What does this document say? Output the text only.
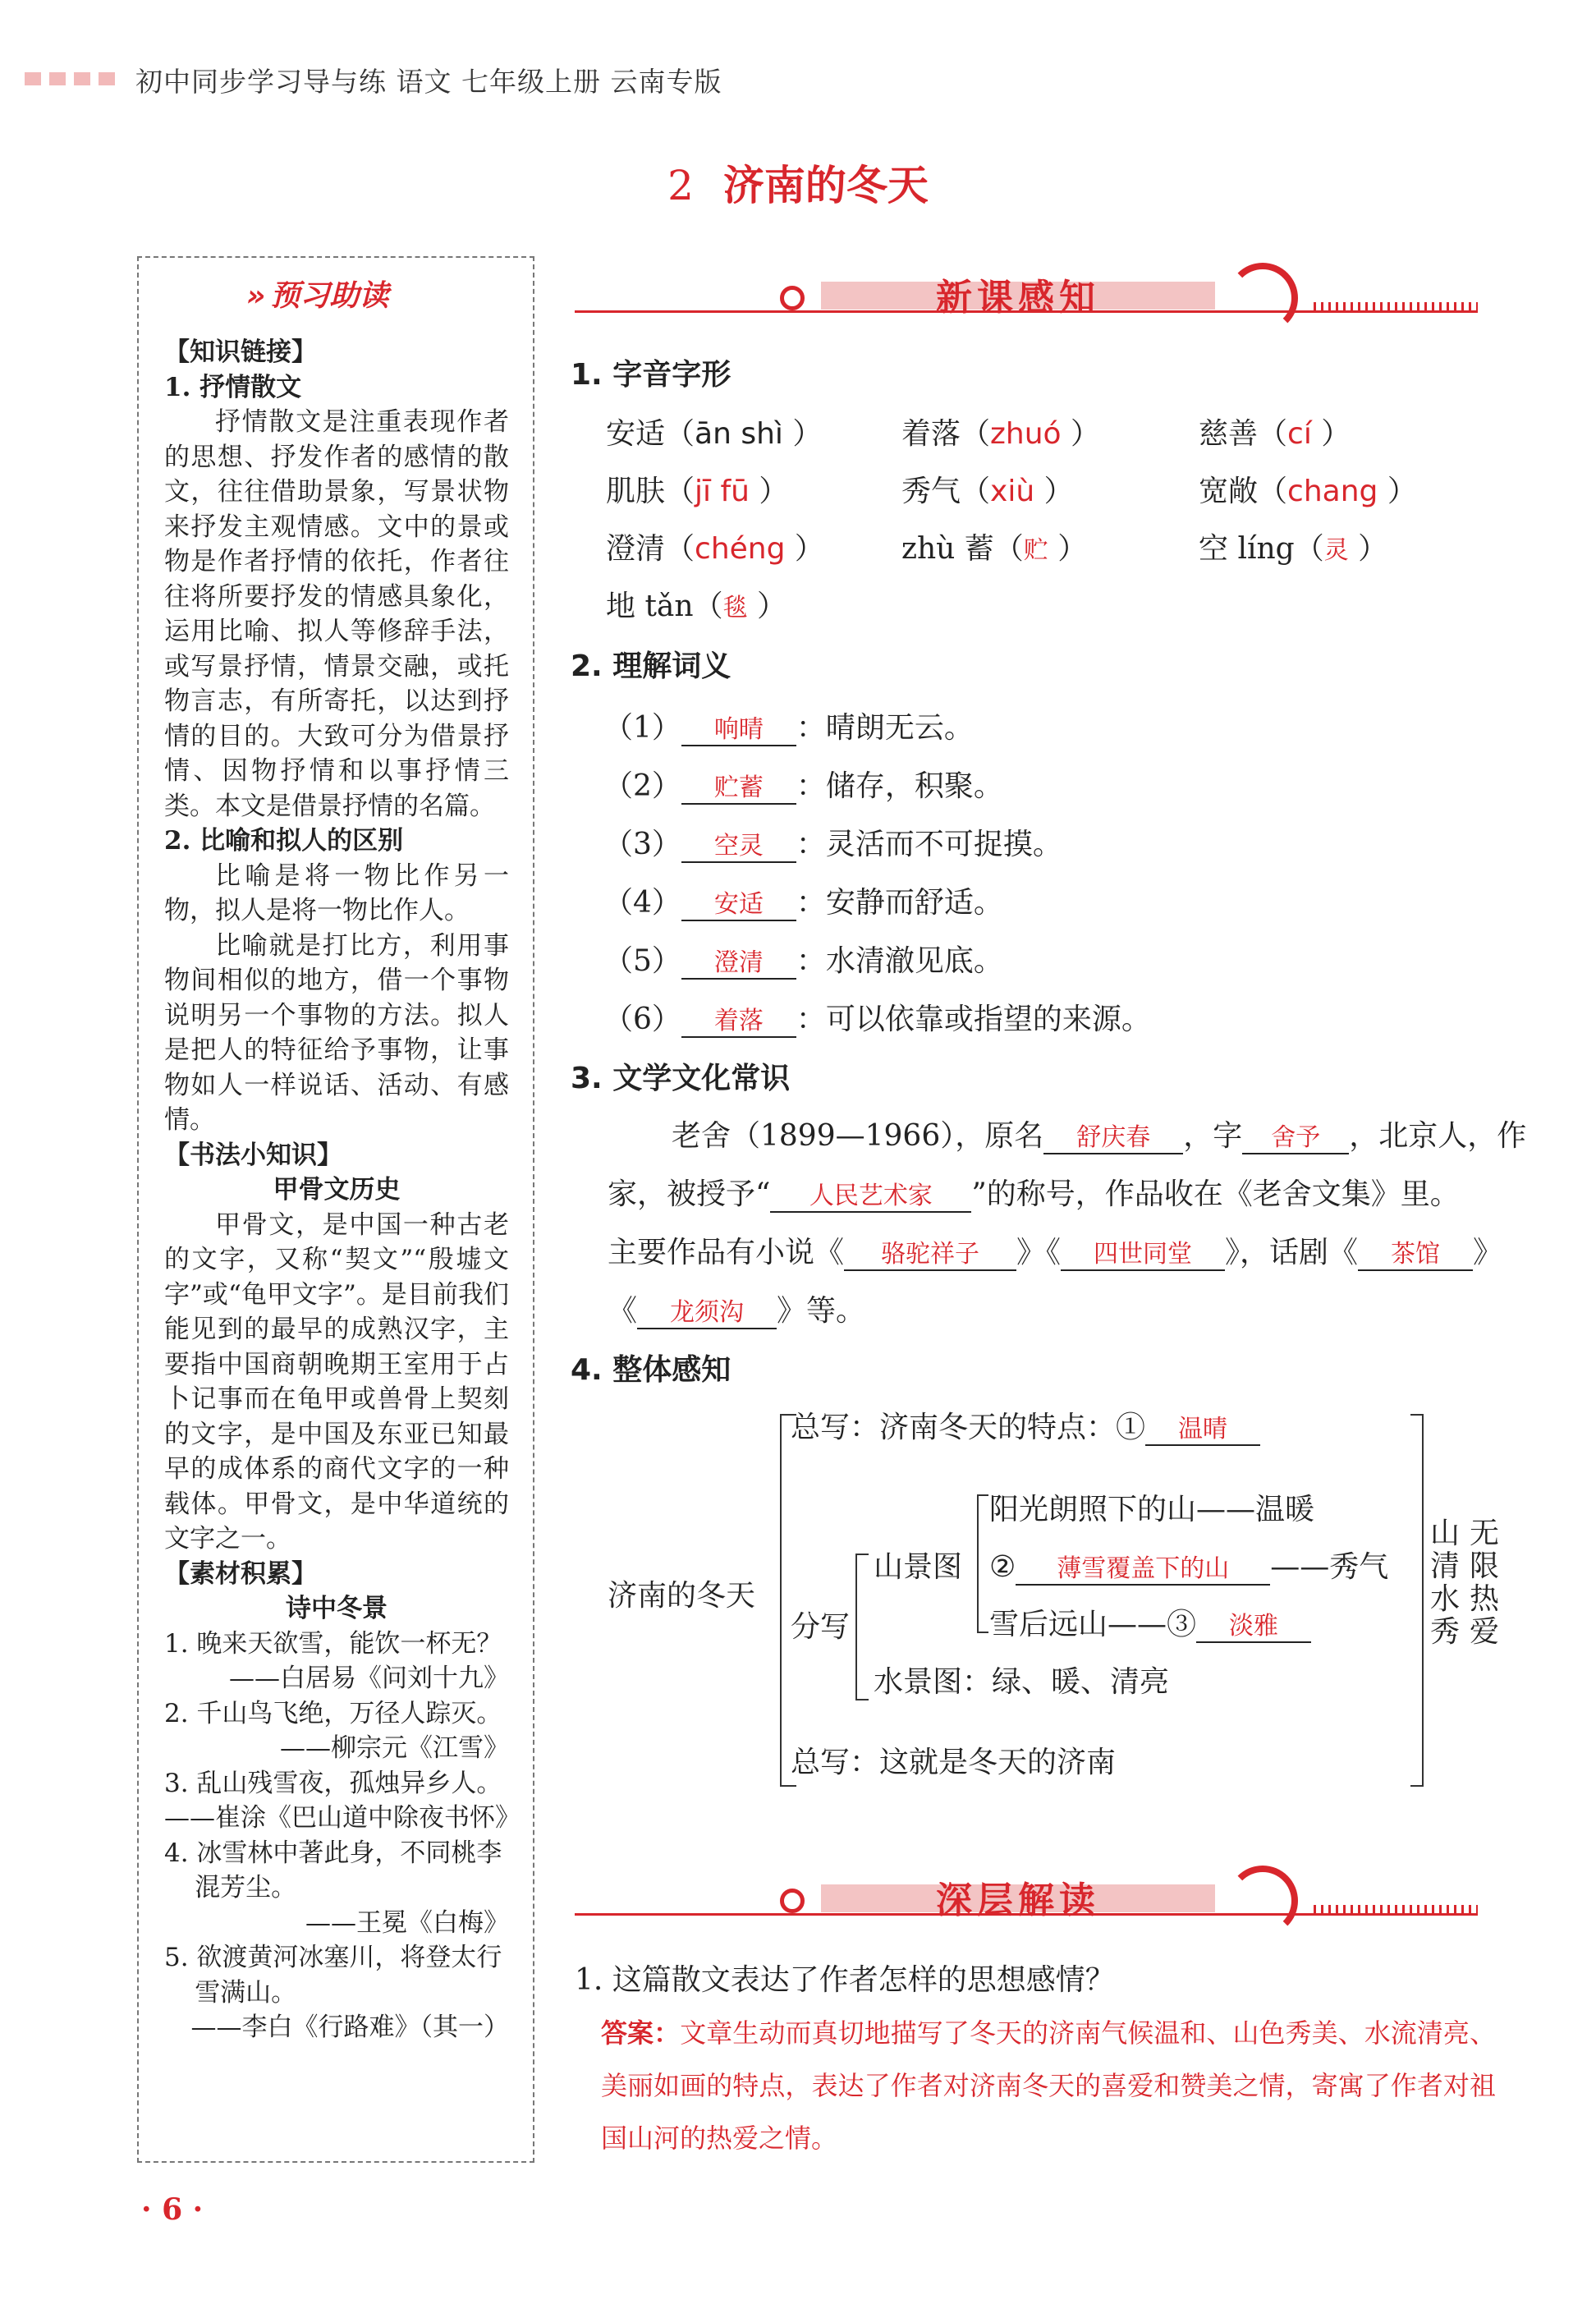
初中同步学习导与练 语文 七年级上册 云南专版
2 济南的冬天
» 预习助读
【知识链接】
1. 抒情散文
抒情散文是注重表现作者的思想、抒发作者的感情的散文，往往借助景象，写景状物来抒发主观情感。文中的景或物是作者抒情的依托，作者往往将所要抒发的情感具象化，运用比喻、拟人等修辞手法，或写景抒情，情景交融，或托物言志，有所寄托，以达到抒情的目的。大致可分为借景抒情、因物抒情和以事抒情三类。本文是借景抒情的名篇。
2. 比喻和拟人的区别
比喻是将一物比作另一物，拟人是将一物比作人。
比喻就是打比方，利用事物间相似的地方，借一个事物说明另一个事物的方法。拟人是把人的特征给予事物，让事物如人一样说话、活动、有感情。
【书法小知识】
甲骨文历史
甲骨文，是中国一种古老的文字，又称“契文”“殷墟文字”或“龟甲文字”。是目前我们能见到的最早的成熟汉字，主要指中国商朝晚期王室用于占卜记事而在龟甲或兽骨上契刻的文字，是中国及东亚已知最早的成体系的商代文字的一种载体。甲骨文，是中华道统的文字之一。
【素材积累】
诗中冬景
1. 晚来天欲雪，能饮一杯无？
——白居易《问刘十九》
2. 千山鸟飞绝，万径人踪灭。
——柳宗元《江雪》
3. 乱山残雪夜，孤烛异乡人。
——崔涂《巴山道中除夜书怀》
4. 冰雪林中著此身，不同桃李混芳尘。
——王冕《白梅》
5. 欲渡黄河冰塞川，将登太行雪满山。
——李白《行路难》（其一）
新课感知
1. 字音字形
安适（ān shì ）	着落（zhuó ）	慈善（cí ）
肌肤（jī fū ）	秀气（xiù ）	宽敞（chang ）
澄清（chéng ）	zhù 蓄（贮 ）	空 líng（灵 ）
地 tǎn（毯 ）
2. 理解词义
（1） 响晴 ：晴朗无云。
（2） 贮蓄 ：储存，积聚。
（3） 空灵 ：灵活而不可捉摸。
（4） 安适 ：安静而舒适。
（5） 澄清 ：水清澈见底。
（6） 着落 ：可以依靠或指望的来源。
3. 文学文化常识
老舍（1899—1966），原名 舒庆春 ，字 舍予 ，北京人，作
家，被授予“ 人民艺术家 ”的称号，作品收在《老舍文集》里。
主要作品有小说《 骆驼祥子 》《 四世同堂 》，话剧《 茶馆 》
《 龙须沟 》等。
4. 整体感知
济南的冬天
总写：济南冬天的特点：① 温晴
分写
山景图
阳光朗照下的山——温暖
② 薄雪覆盖下的山 ——秀气
雪后远山——③ 淡雅
水景图：绿、暖、清亮
总写：这就是冬天的济南
山清水秀
无限热爱
深层解读
1. 这篇散文表达了作者怎样的思想感情？
答案：文章生动而真切地描写了冬天的济南气候温和、山色秀美、水流清亮、美丽如画的特点，表达了作者对济南冬天的喜爱和赞美之情，寄寓了作者对祖国山河的热爱之情。
· 6 ·
